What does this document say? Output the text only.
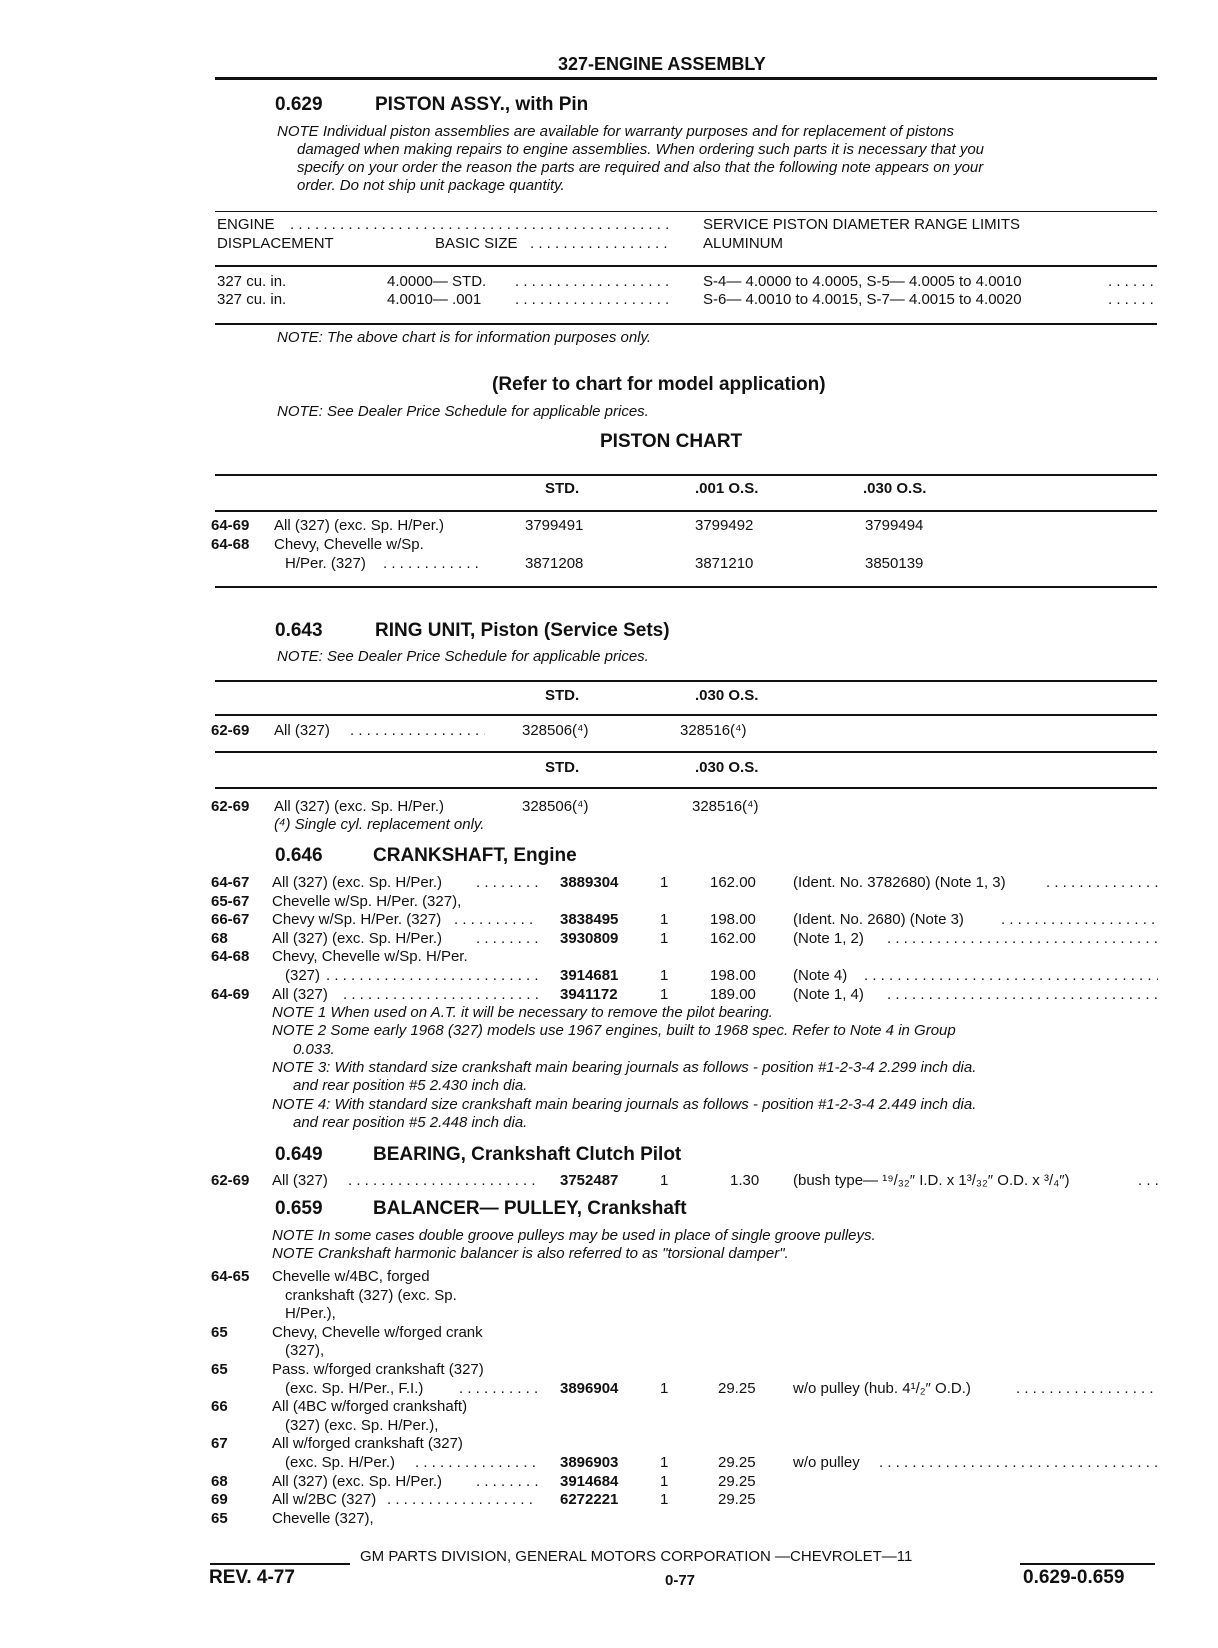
327-ENGINE ASSEMBLY
0.629	PISTON ASSY., with Pin
NOTE Individual piston assemblies are available for warranty purposes and for replacement of pistons
damaged when making repairs to engine assemblies. When ordering such parts it is necessary that you
specify on your order the reason the parts are required and also that the following note appears on your
order. Do not ship unit package quantity.
ENGINE . . .	SERVICE PISTON DIAMETER RANGE LIMITS
DISPLACEMENT	BASIC SIZE . . .	ALUMINUM
327 cu. in.	4.0000— STD. . . .	S-4— 4.0000 to 4.0005, S-5— 4.0005 to 4.0010
. . .
327 cu. in.	4.0010— .001 . . .	S-6— 4.0010 to 4.0015, S-7— 4.0015 to 4.0020
. . .
NOTE: The above chart is for information purposes only.
(Refer to chart for model application)
NOTE: See Dealer Price Schedule for applicable prices.
PISTON CHART
STD.	.001 O.S.	.030 O.S.
64-69 All (327) (exc. Sp. H/Per.)	3799491	3799492	3799494
64-68 Chevy, Chevelle w/Sp.
H/Per. (327) . . .	3871208	3871210	3850139
0.643	RING UNIT, Piston (Service Sets)
NOTE: See Dealer Price Schedule for applicable prices.
STD.	.030 O.S.
62-69 All (327) . . .	328506(⁴)	328516(⁴)
STD.	.030 O.S.
62-69 All (327) (exc. Sp. H/Per.)	328506(⁴)	328516(⁴)
(⁴) Single cyl. replacement only.
0.646	CRANKSHAFT, Engine
64-67 All (327) (exc. Sp. H/Per.) . . .	3889304	1	162.00 (Ident. No. 3782680) (Note 1, 3)
. . .
65-67 Chevelle w/Sp. H/Per. (327),
66-67 Chevy w/Sp. H/Per. (327) . . .	3838495	1	198.00 (Ident. No. 2680) (Note 3)
. . .
68	All (327) (exc. Sp. H/Per.) . . .	3930809	1	162.00 (Note 1, 2)
. . .
64-68 Chevy, Chevelle w/Sp. H/Per.
(327) . . .	3914681	1	198.00 (Note 4)
. . .
64-69 All (327) . . .	3941172	1	189.00 (Note 1, 4)
. . .
NOTE 1 When used on A.T. it will be necessary to remove the pilot bearing.
NOTE 2 Some early 1968 (327) models use 1967 engines, built to 1968 spec. Refer to Note 4 in Group
0.033.
NOTE 3: With standard size crankshaft main bearing journals as follows - position #1-2-3-4 2.299 inch dia.
and rear position #5 2.430 inch dia.
NOTE 4: With standard size crankshaft main bearing journals as follows - position #1-2-3-4 2.449 inch dia.
and rear position #5 2.448 inch dia.
0.649	BEARING, Crankshaft Clutch Pilot
62-69 All (327) . . .	3752487	1	1.30 (bush type— ¹⁹/₃₂″ I.D. x 1³/₃₂″ O.D. x ³/₄″)
. . .
0.659	BALANCER— PULLEY, Crankshaft
NOTE In some cases double groove pulleys may be used in place of single groove pulleys.
NOTE Crankshaft harmonic balancer is also referred to as "torsional damper".
64-65 Chevelle w/4BC, forged
crankshaft (327) (exc. Sp.
H/Per.),
65	Chevy, Chevelle w/forged crank
(327),
65	Pass. w/forged crankshaft (327)
(exc. Sp. H/Per., F.I.) . . .	3896904	1	29.25 w/o pulley (hub. 4¹/₂″ O.D.)
. . .
66	All (4BC w/forged crankshaft)
(327) (exc. Sp. H/Per.),
67	All w/forged crankshaft (327)
(exc. Sp. H/Per.) . . .	3896903	1	29.25 w/o pulley
. . .
68	All (327) (exc. Sp. H/Per.) . . .	3914684	1	29.25
69	All w/2BC (327) . . .	6272221	1	29.25
65	Chevelle (327),
GM PARTS DIVISION, GENERAL MOTORS CORPORATION —CHEVROLET—11
REV. 4-77	0-77	0.629-0.659
